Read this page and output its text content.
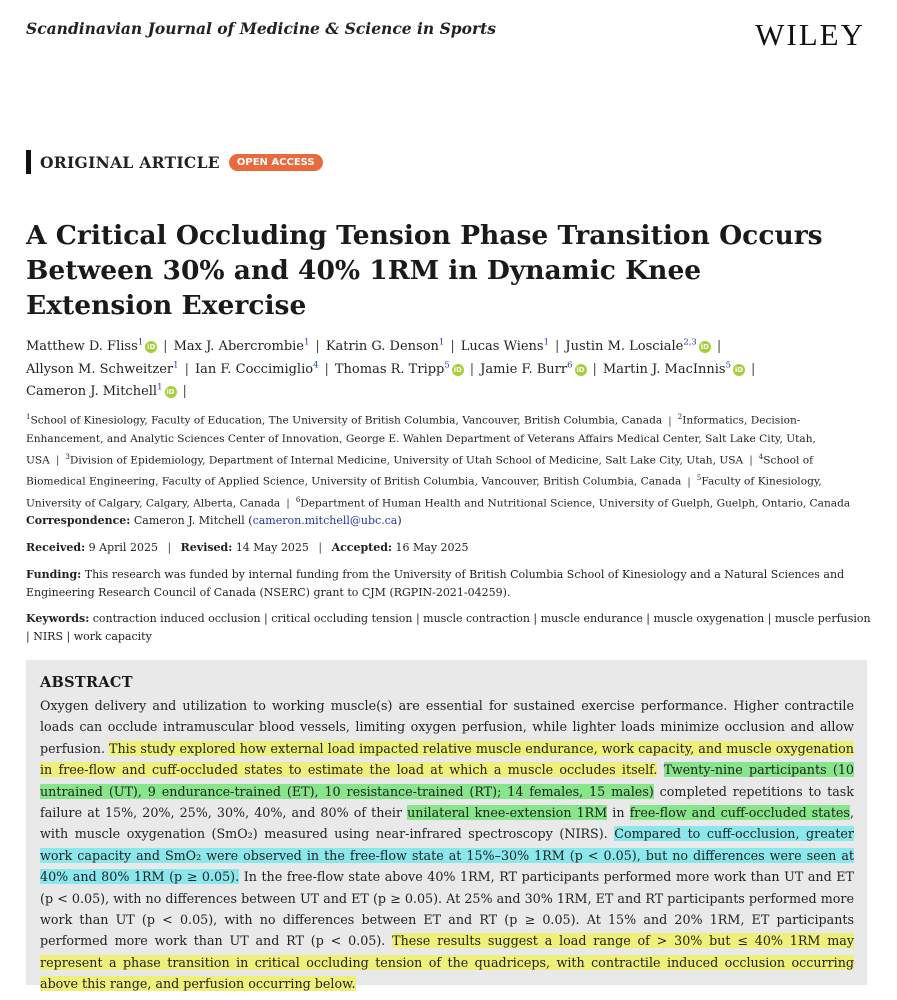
Scandinavian Journal of Medicine & Science in Sports	WILEY
ORIGINAL ARTICLE	OPEN ACCESS
A Critical Occluding Tension Phase Transition Occurs Between 30% and 40% 1RM in Dynamic Knee Extension Exercise
Matthew D. Fliss$^1$ iD | Max J. Abercrombie$^1$ | Katrin G. Denson$^1$ | Lucas Wiens$^1$ | Justin M. Losciale$^{2,3}$ iD |
Allyson M. Schweitzer$^1$ | Ian F. Coccimiglio$^4$ | Thomas R. Tripp$^5$ iD | Jamie F. Burr$^6$ iD | Martin J. MacInnis$^5$ iD |
Cameron J. Mitchell$^1$ iD |
$^1$School of Kinesiology, Faculty of Education, The University of British Columbia, Vancouver, British Columbia, Canada | $^2$Informatics, Decision-Enhancement, and Analytic Sciences Center of Innovation, George E. Wahlen Department of Veterans Affairs Medical Center, Salt Lake City, Utah, USA | $^3$Division of Epidemiology, Department of Internal Medicine, University of Utah School of Medicine, Salt Lake City, Utah, USA | $^4$School of Biomedical Engineering, Faculty of Applied Science, University of British Columbia, Vancouver, British Columbia, Canada | $^5$Faculty of Kinesiology, University of Calgary, Calgary, Alberta, Canada | $^6$Department of Human Health and Nutritional Science, University of Guelph, Guelph, Ontario, Canada
Correspondence: Cameron J. Mitchell (cameron.mitchell@ubc.ca)
Received: 9 April 2025 | Revised: 14 May 2025 | Accepted: 16 May 2025
Funding: This research was funded by internal funding from the University of British Columbia School of Kinesiology and a Natural Sciences and Engineering Research Council of Canada (NSERC) grant to CJM (RGPIN-2021-04259).
Keywords: contraction induced occlusion | critical occluding tension | muscle contraction | muscle endurance | muscle oxygenation | muscle perfusion | NIRS | work capacity
ABSTRACT

Oxygen delivery and utilization to working muscle(s) are essential for sustained exercise performance. Higher contractile loads can occlude intramuscular blood vessels, limiting oxygen perfusion, while lighter loads minimize occlusion and allow perfusion. This study explored how external load impacted relative muscle endurance, work capacity, and muscle oxygenation in free-flow and cuff-occluded states to estimate the load at which a muscle occludes itself. Twenty-nine participants (10 untrained (UT), 9 endurance-trained (ET), 10 resistance-trained (RT); 14 females, 15 males) completed repetitions to task failure at 15%, 20%, 25%, 30%, 40%, and 80% of their unilateral knee-extension 1RM in free-flow and cuff-occluded states, with muscle oxygenation (SmO₂) measured using near-infrared spectroscopy (NIRS). Compared to cuff-occlusion, greater work capacity and SmO₂ were observed in the free-flow state at 15%–30% 1RM (p < 0.05), but no differences were seen at 40% and 80% 1RM (p ≥ 0.05). In the free-flow state above 40% 1RM, RT participants performed more work than UT and ET (p < 0.05), with no differences between UT and ET (p ≥ 0.05). At 25% and 30% 1RM, ET and RT participants performed more work than UT (p < 0.05), with no differences between ET and RT (p ≥ 0.05). At 15% and 20% 1RM, ET participants performed more work than UT and RT (p < 0.05). These results suggest a load range of > 30% but ≤ 40% 1RM may represent a phase transition in critical occluding tension of the quadriceps, with contractile induced occlusion occurring above this range, and perfusion occurring below.
